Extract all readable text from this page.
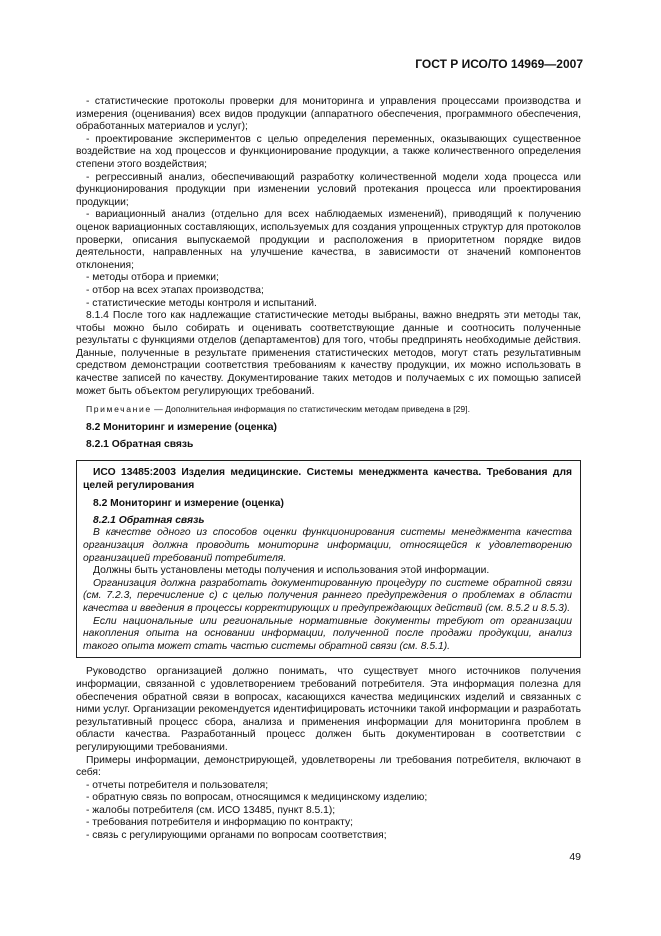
ГОСТ Р ИСО/ТО 14969—2007

- статистические протоколы проверки для мониторинга и управления процессами производства и измерения (оценивания) всех видов продукции (аппаратного обеспечения, программного обеспечения, обработанных материалов и услуг);

- проектирование экспериментов с целью определения переменных, оказывающих существенное воздействие на ход процессов и функционирование продукции, а также количественного определения степени этого воздействия;

- регрессивный анализ, обеспечивающий разработку количественной модели хода процесса или функционирования продукции при изменении условий протекания процесса или проектирования продукции;

- вариационный анализ (отдельно для всех наблюдаемых изменений), приводящий к получению оценок вариационных составляющих, используемых для создания упрощенных структур для протоколов проверки, описания выпускаемой продукции и расположения в приоритетном порядке видов деятельности, направленных на улучшение качества, в зависимости от значений компонентов отклонения;

- методы отбора и приемки;

- отбор на всех этапах производства;

- статистические методы контроля и испытаний.

8.1.4 После того как надлежащие статистические методы выбраны, важно внедрять эти методы так, чтобы можно было собирать и оценивать соответствующие данные и соотносить полученные результаты с функциями отделов (департаментов) для того, чтобы предпринять необходимые действия. Данные, полученные в результате применения статистических методов, могут стать результативным средством демонстрации соответствия требованиям к качеству продукции, их можно использовать в качестве записей по качеству. Документирование таких методов и получаемых с их помощью записей может быть объектом регулирующих требований.

Примечание — Дополнительная информация по статистическим методам приведена в [29].

8.2 Мониторинг и измерение (оценка)

8.2.1 Обратная связь

ИСО 13485:2003 Изделия медицинские. Системы менеджмента качества. Требования для целей регулирования

8.2 Мониторинг и измерение (оценка)

8.2.1 Обратная связь

В качестве одного из способов оценки функционирования системы менеджмента качества организация должна проводить мониторинг информации, относящейся к удовлетворению организацией требований потребителя.

Должны быть установлены методы получения и использования этой информации.

Организация должна разработать документированную процедуру по системе обратной связи (см. 7.2.3, перечисление с) с целью получения раннего предупреждения о проблемах в области качества и введения в процессы корректирующих и предупреждающих действий (см. 8.5.2 и 8.5.3).

Если национальные или региональные нормативные документы требуют от организации накопления опыта на основании информации, полученной после продажи продукции, анализ такого опыта может стать частью системы обратной связи (см. 8.5.1).

Руководство организацией должно понимать, что существует много источников получения информации, связанной с удовлетворением требований потребителя. Эта информация полезна для обеспечения обратной связи в вопросах, касающихся качества медицинских изделий и связанных с ними услуг. Организации рекомендуется идентифицировать источники такой информации и разработать результативный процесс сбора, анализа и применения информации для мониторинга проблем в области качества. Разработанный процесс должен быть документирован в соответствии с регулирующими требованиями.

Примеры информации, демонстрирующей, удовлетворены ли требования потребителя, включают в себя:

- отчеты потребителя и пользователя;

- обратную связь по вопросам, относящимся к медицинскому изделию;

- жалобы потребителя (см. ИСО 13485, пункт 8.5.1);

- требования потребителя и информацию по контракту;

- связь с регулирующими органами по вопросам соответствия;

49
